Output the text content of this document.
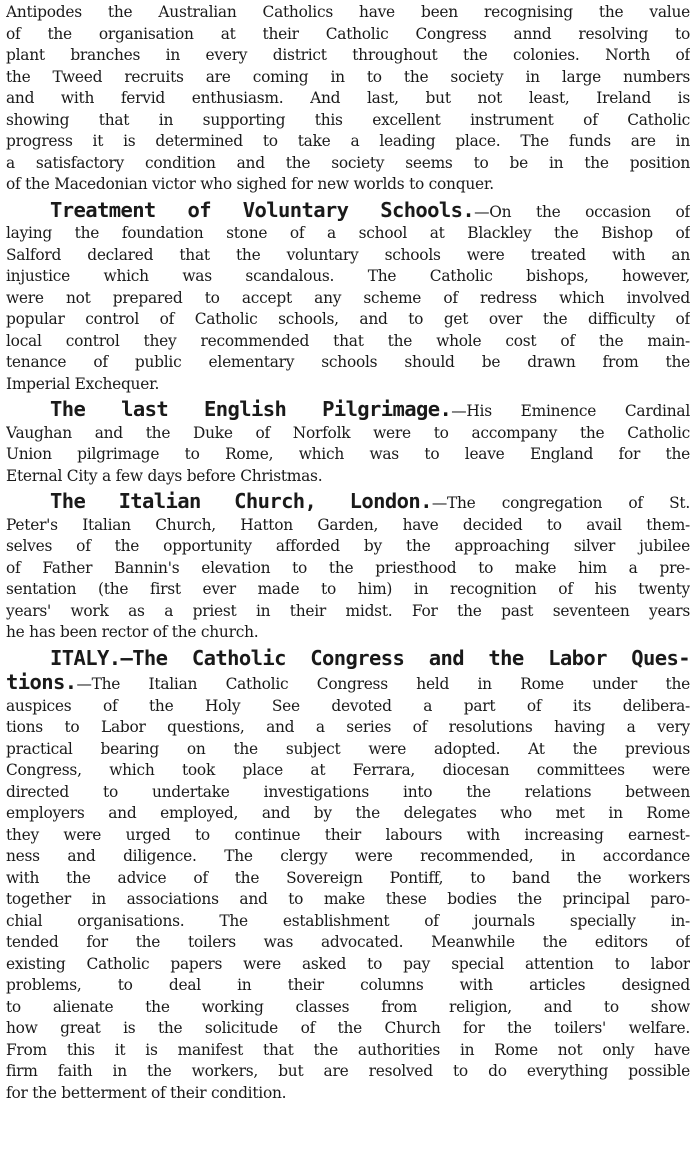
Antipodes the Australian Catholics have been recognising the value
of the organisation at their Catholic Congress annd resolving to
plant branches in every district throughout the colonies. North of
the Tweed recruits are coming in to the society in large numbers
and with fervid enthusiasm. And last, but not least, Ireland is
showing that in supporting this excellent instrument of Catholic
progress it is determined to take a leading place. The funds are in
a satisfactory condition and the society seems to be in the position
of the Macedonian victor who sighed for new worlds to conquer.
Treatment of Voluntary Schools.—On the occasion of
laying the foundation stone of a school at Blackley the Bishop of
Salford declared that the voluntary schools were treated with an
injustice which was scandalous. The Catholic bishops, however,
were not prepared to accept any scheme of redress which involved
popular control of Catholic schools, and to get over the difficulty of
local control they recommended that the whole cost of the main-
tenance of public elementary schools should be drawn from the
Imperial Exchequer.
The last English Pilgrimage.—His Eminence Cardinal
Vaughan and the Duke of Norfolk were to accompany the Catholic
Union pilgrimage to Rome, which was to leave England for the
Eternal City a few days before Christmas.
The Italian Church, London.—The congregation of St.
Peter's Italian Church, Hatton Garden, have decided to avail them-
selves of the opportunity afforded by the approaching silver jubilee
of Father Bannin's elevation to the priesthood to make him a pre-
sentation (the first ever made to him) in recognition of his twenty
years' work as a priest in their midst. For the past seventeen years
he has been rector of the church.
ITALY.—The Catholic Congress and the Labor Ques-
tions.—The Italian Catholic Congress held in Rome under the
auspices of the Holy See devoted a part of its delibera-
tions to Labor questions, and a series of resolutions having a very
practical bearing on the subject were adopted. At the previous
Congress, which took place at Ferrara, diocesan committees were
directed to undertake investigations into the relations between
employers and employed, and by the delegates who met in Rome
they were urged to continue their labours with increasing earnest-
ness and diligence. The clergy were recommended, in accordance
with the advice of the Sovereign Pontiff, to band the workers
together in associations and to make these bodies the principal paro-
chial organisations. The establishment of journals specially in-
tended for the toilers was advocated. Meanwhile the editors of
existing Catholic papers were asked to pay special attention to labor
problems, to deal in their columns with articles designed
to alienate the working classes from religion, and to show
how great is the solicitude of the Church for the toilers' welfare.
From this it is manifest that the authorities in Rome not only have
firm faith in the workers, but are resolved to do everything possible
for the betterment of their condition.
